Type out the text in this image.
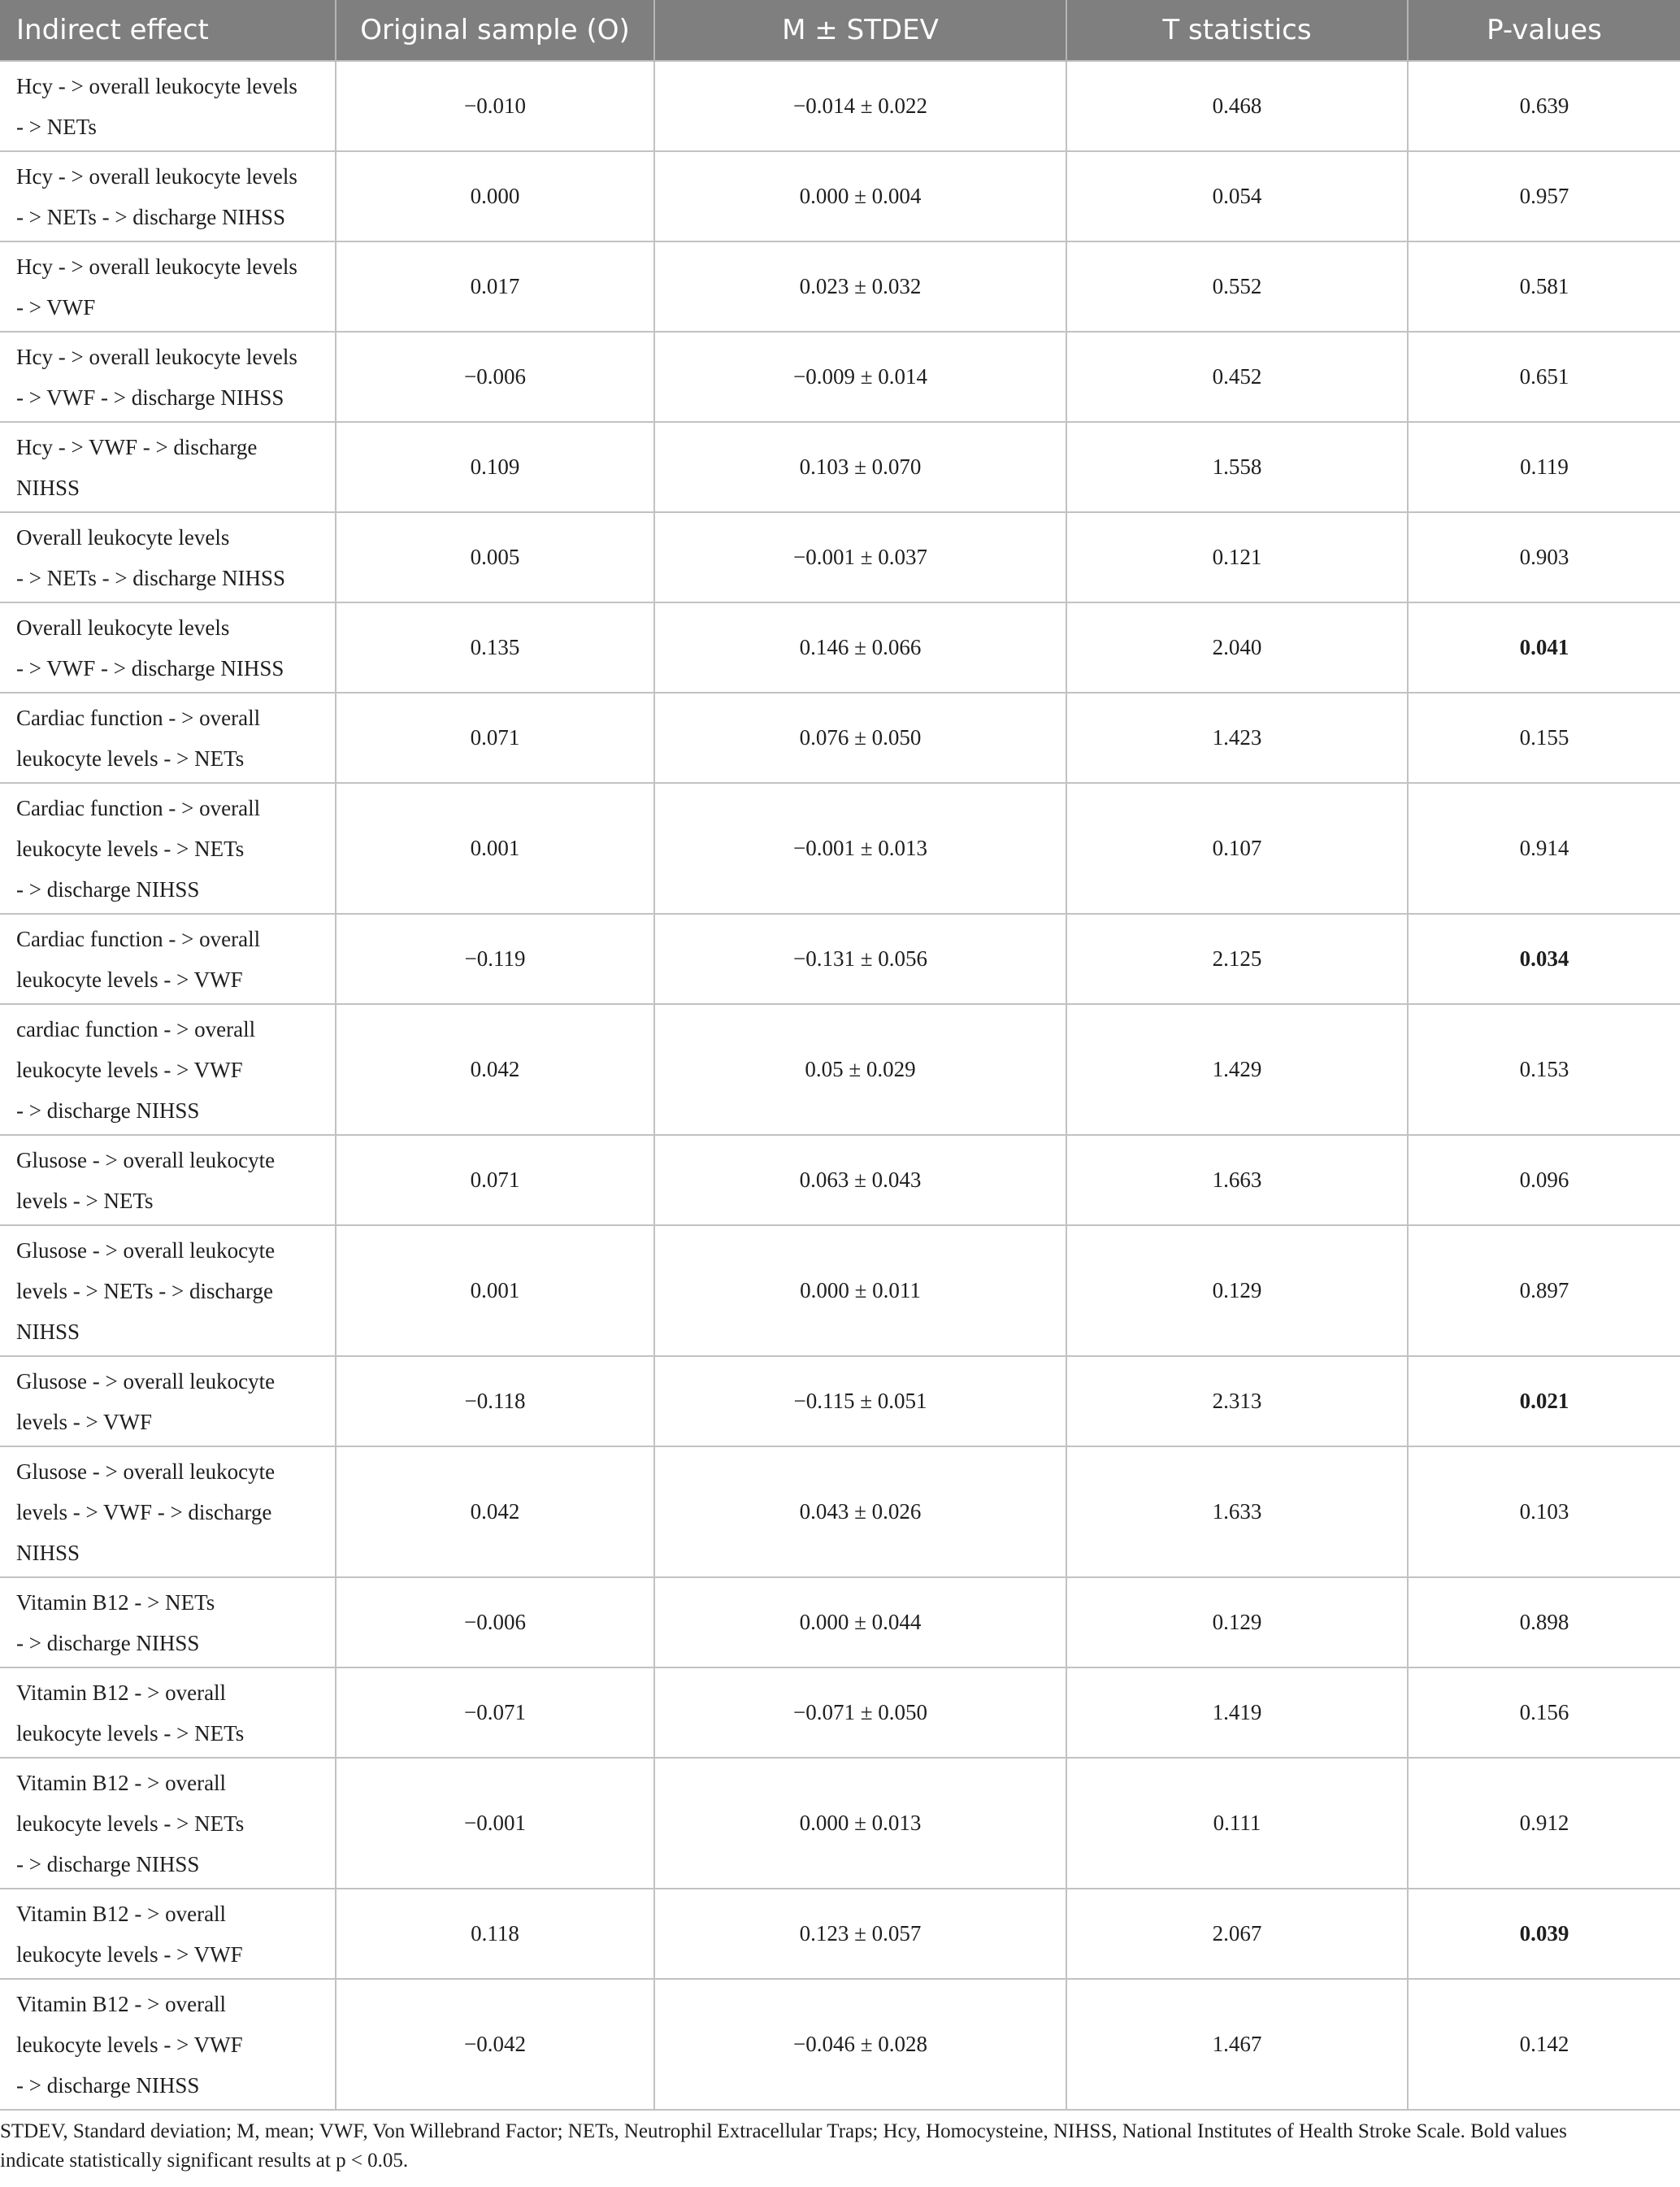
Indirect effect	Original sample (O)	M ± STDEV	T statistics	P-values

Hcy - > overall leukocyte levels
- > NETs	−0.010	−0.014 ± 0.022	0.468	0.639

Hcy - > overall leukocyte levels
- > NETs - > discharge NIHSS	0.000	0.000 ± 0.004	0.054	0.957

Hcy - > overall leukocyte levels
- > VWF	0.017	0.023 ± 0.032	0.552	0.581

Hcy - > overall leukocyte levels
- > VWF - > discharge NIHSS	−0.006	−0.009 ± 0.014	0.452	0.651

Hcy - > VWF - > discharge
NIHSS	0.109	0.103 ± 0.070	1.558	0.119

Overall leukocyte levels
- > NETs - > discharge NIHSS	0.005	−0.001 ± 0.037	0.121	0.903

Overall leukocyte levels
- > VWF - > discharge NIHSS	0.135	0.146 ± 0.066	2.040	0.041

Cardiac function - > overall
leukocyte levels - > NETs	0.071	0.076 ± 0.050	1.423	0.155

Cardiac function - > overall
leukocyte levels - > NETs
- > discharge NIHSS	0.001	−0.001 ± 0.013	0.107	0.914

Cardiac function - > overall
leukocyte levels - > VWF	−0.119	−0.131 ± 0.056	2.125	0.034

cardiac function - > overall
leukocyte levels - > VWF
- > discharge NIHSS	0.042	0.05 ± 0.029	1.429	0.153

Glusose - > overall leukocyte
levels - > NETs	0.071	0.063 ± 0.043	1.663	0.096

Glusose - > overall leukocyte
levels - > NETs - > discharge
NIHSS	0.001	0.000 ± 0.011	0.129	0.897

Glusose - > overall leukocyte
levels - > VWF	−0.118	−0.115 ± 0.051	2.313	0.021

Glusose - > overall leukocyte
levels - > VWF - > discharge
NIHSS	0.042	0.043 ± 0.026	1.633	0.103

Vitamin B12 - > NETs
- > discharge NIHSS	−0.006	0.000 ± 0.044	0.129	0.898

Vitamin B12 - > overall
leukocyte levels - > NETs	−0.071	−0.071 ± 0.050	1.419	0.156

Vitamin B12 - > overall
leukocyte levels - > NETs
- > discharge NIHSS	−0.001	0.000 ± 0.013	0.111	0.912

Vitamin B12 - > overall
leukocyte levels - > VWF	0.118	0.123 ± 0.057	2.067	0.039

Vitamin B12 - > overall
leukocyte levels - > VWF
- > discharge NIHSS	−0.042	−0.046 ± 0.028	1.467	0.142

STDEV, Standard deviation; M, mean; VWF, Von Willebrand Factor; NETs, Neutrophil Extracellular Traps; Hcy, Homocysteine, NIHSS, National Institutes of Health Stroke Scale. Bold values

indicate statistically significant results at p < 0.05.
